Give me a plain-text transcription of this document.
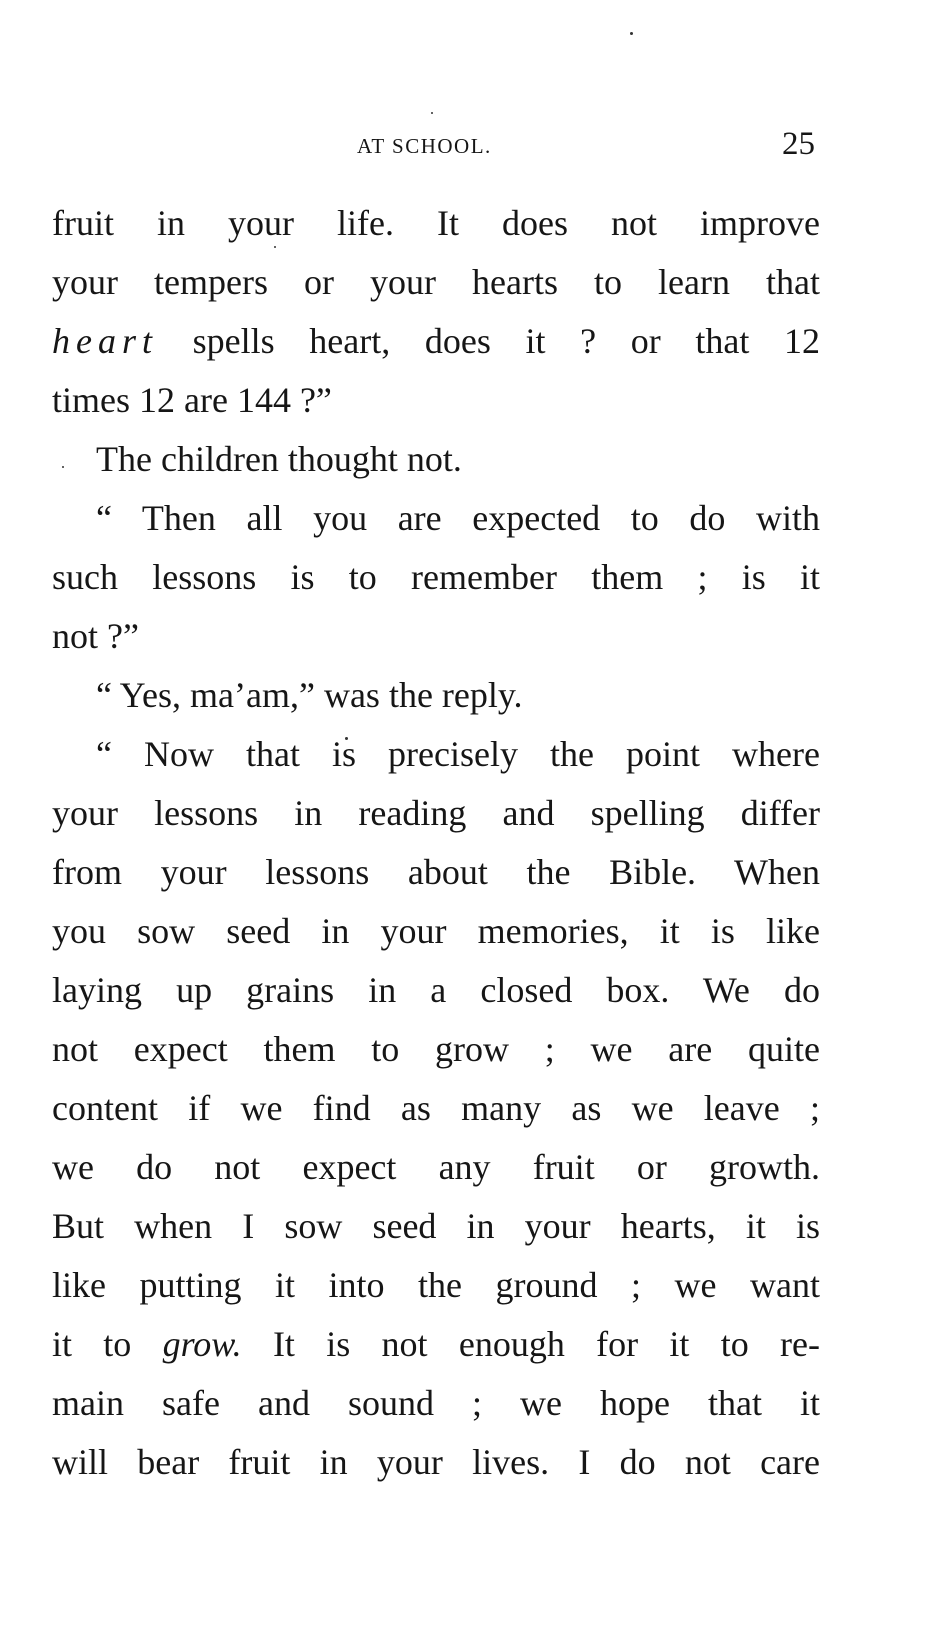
AT SCHOOL.	25
fruit in your life. It does not improve
your tempers or your hearts to learn that
heart spells heart, does it ? or that 12
times 12 are 144 ?”
The children thought not.
“ Then all you are expected to do with
such lessons is to remember them ; is it
not ?”
“ Yes, ma’am,” was the reply.
“ Now that is precisely the point where
your lessons in reading and spelling differ
from your lessons about the Bible. When
you sow seed in your memories, it is like
laying up grains in a closed box. We do
not expect them to grow ; we are quite
content if we find as many as we leave ;
we do not expect any fruit or growth.
But when I sow seed in your hearts, it is
like putting it into the ground ; we want
it to grow. It is not enough for it to re-
main safe and sound ; we hope that it
will bear fruit in your lives. I do not care
